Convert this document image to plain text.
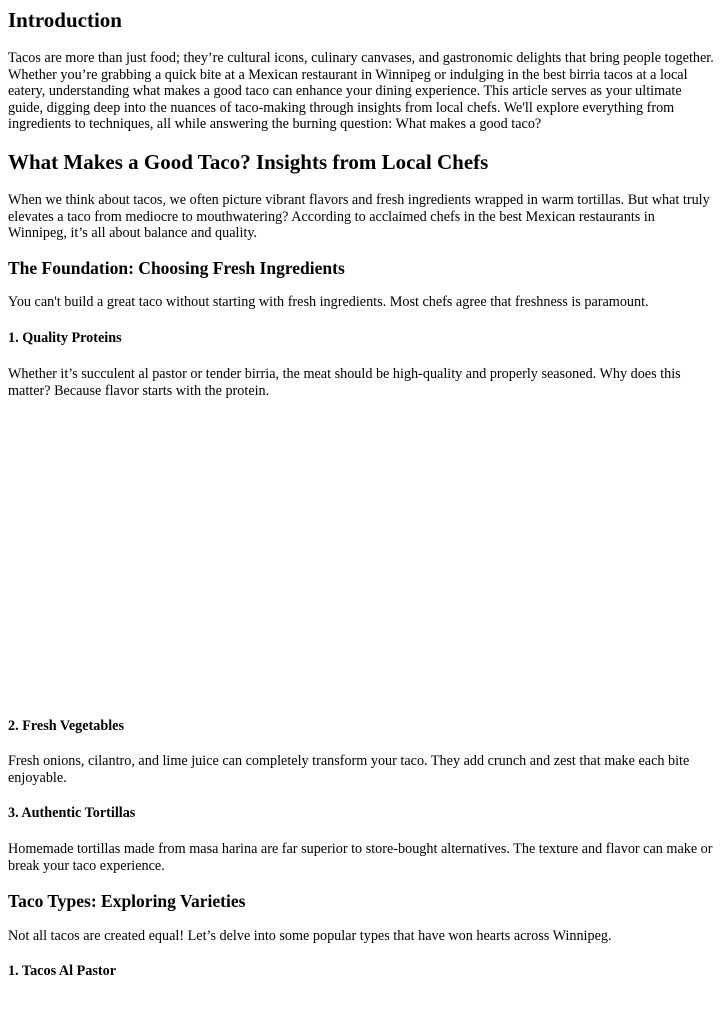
Introduction

Tacos are more than just food; they’re cultural icons, culinary canvases, and gastronomic delights that bring people together. Whether you’re grabbing a quick bite at a Mexican restaurant in Winnipeg or indulging in the best birria tacos at a local eatery, understanding what makes a good taco can enhance your dining experience. This article serves as your ultimate guide, digging deep into the nuances of taco-making through insights from local chefs. We'll explore everything from ingredients to techniques, all while answering the burning question: What makes a good taco?

What Makes a Good Taco? Insights from Local Chefs

When we think about tacos, we often picture vibrant flavors and fresh ingredients wrapped in warm tortillas. But what truly elevates a taco from mediocre to mouthwatering? According to acclaimed chefs in the best Mexican restaurants in Winnipeg, it’s all about balance and quality.

The Foundation: Choosing Fresh Ingredients

You can't build a great taco without starting with fresh ingredients. Most chefs agree that freshness is paramount.

1. Quality Proteins

Whether it’s succulent al pastor or tender birria, the meat should be high-quality and properly seasoned. Why does this matter? Because flavor starts with the protein.

2. Fresh Vegetables

Fresh onions, cilantro, and lime juice can completely transform your taco. They add crunch and zest that make each bite enjoyable.

3. Authentic Tortillas

Homemade tortillas made from masa harina are far superior to store-bought alternatives. The texture and flavor can make or break your taco experience.

Taco Types: Exploring Varieties

Not all tacos are created equal! Let’s delve into some popular types that have won hearts across Winnipeg.

1. Tacos Al Pastor
